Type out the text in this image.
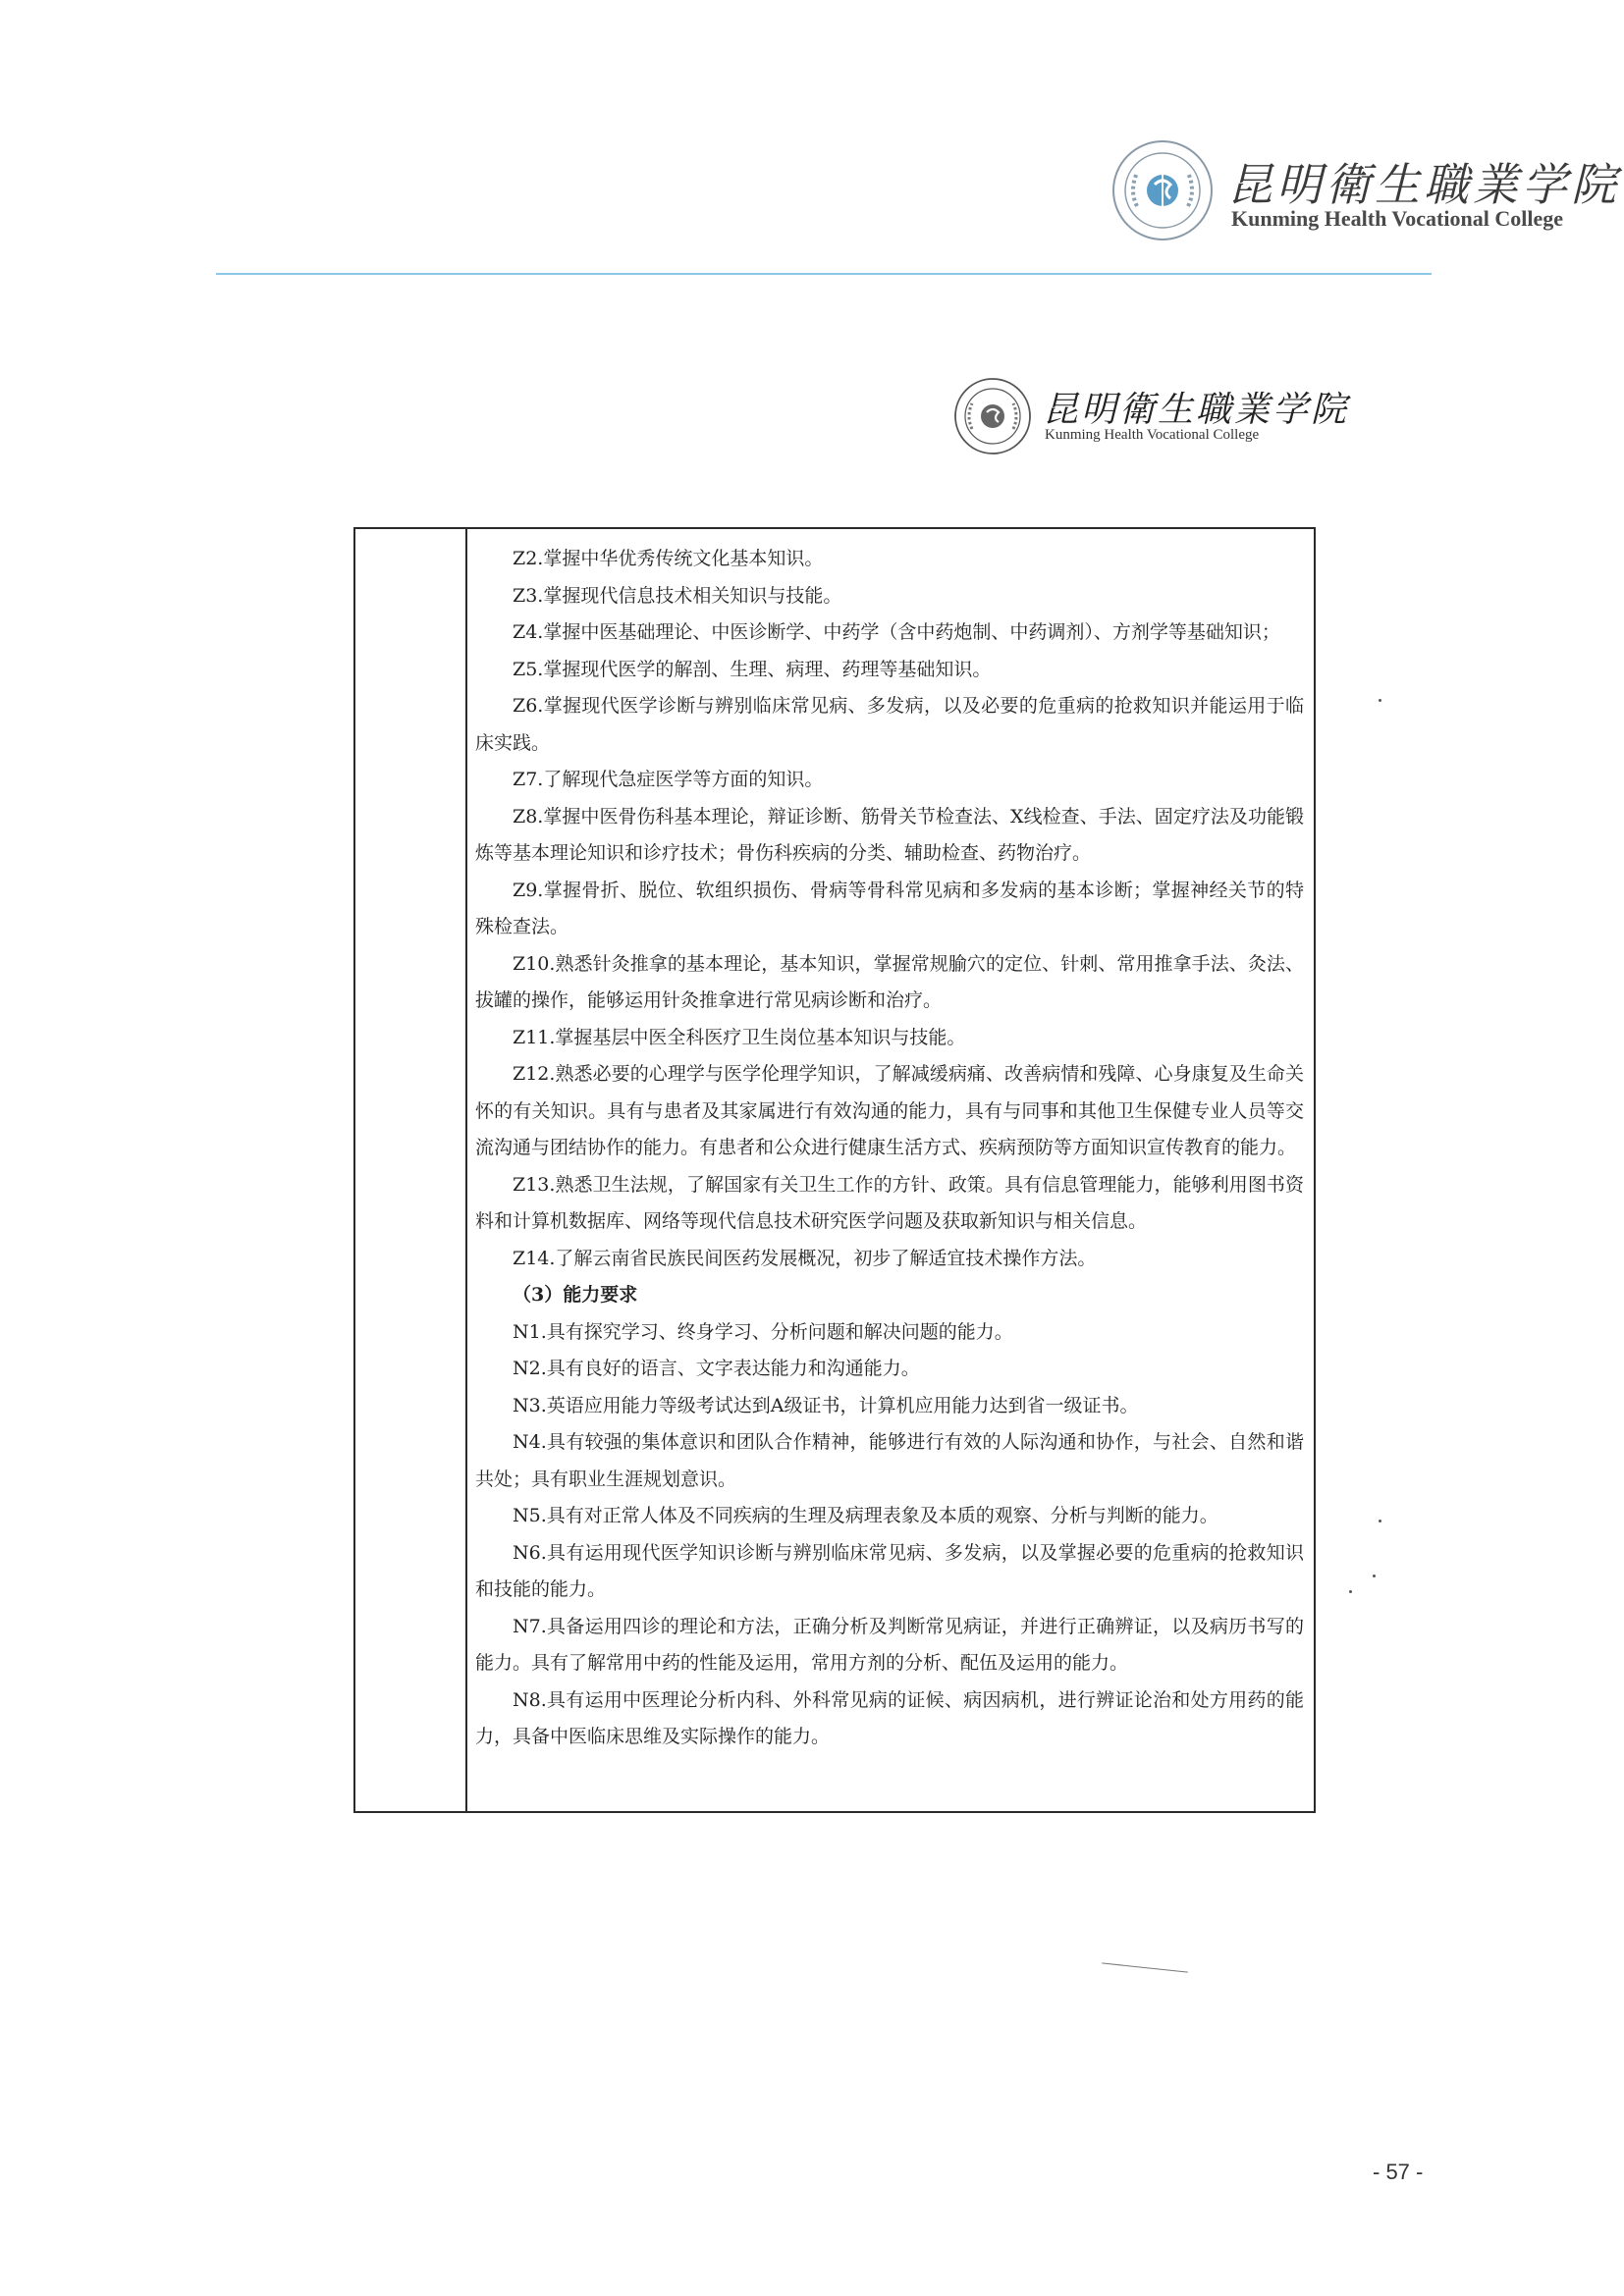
昆明衛生職業学院
Kunming Health Vocational College
昆明衛生職業学院
Kunming Health Vocational College

Z2.掌握中华优秀传统文化基本知识。

Z3.掌握现代信息技术相关知识与技能。

Z4.掌握中医基础理论、中医诊断学、中药学（含中药炮制、中药调剂）、方剂学等基础知识；

Z5.掌握现代医学的解剖、生理、病理、药理等基础知识。

Z6.掌握现代医学诊断与辨别临床常见病、多发病，以及必要的危重病的抢救知识并能运用于临床实践。

Z7.了解现代急症医学等方面的知识。

Z8.掌握中医骨伤科基本理论，辩证诊断、筋骨关节检查法、X线检查、手法、固定疗法及功能锻炼等基本理论知识和诊疗技术；骨伤科疾病的分类、辅助检查、药物治疗。

Z9.掌握骨折、脱位、软组织损伤、骨病等骨科常见病和多发病的基本诊断；掌握神经关节的特殊检查法。

Z10.熟悉针灸推拿的基本理论，基本知识，掌握常规腧穴的定位、针刺、常用推拿手法、灸法、拔罐的操作，能够运用针灸推拿进行常见病诊断和治疗。

Z11.掌握基层中医全科医疗卫生岗位基本知识与技能。

Z12.熟悉必要的心理学与医学伦理学知识，了解减缓病痛、改善病情和残障、心身康复及生命关怀的有关知识。具有与患者及其家属进行有效沟通的能力，具有与同事和其他卫生保健专业人员等交流沟通与团结协作的能力。有患者和公众进行健康生活方式、疾病预防等方面知识宣传教育的能力。

Z13.熟悉卫生法规，了解国家有关卫生工作的方针、政策。具有信息管理能力，能够利用图书资料和计算机数据库、网络等现代信息技术研究医学问题及获取新知识与相关信息。

Z14.了解云南省民族民间医药发展概况，初步了解适宜技术操作方法。

（3）能力要求

N1.具有探究学习、终身学习、分析问题和解决问题的能力。

N2.具有良好的语言、文字表达能力和沟通能力。

N3.英语应用能力等级考试达到A级证书，计算机应用能力达到省一级证书。

N4.具有较强的集体意识和团队合作精神，能够进行有效的人际沟通和协作，与社会、自然和谐共处；具有职业生涯规划意识。

N5.具有对正常人体及不同疾病的生理及病理表象及本质的观察、分析与判断的能力。

N6.具有运用现代医学知识诊断与辨别临床常见病、多发病，以及掌握必要的危重病的抢救知识和技能的能力。

N7.具备运用四诊的理论和方法，正确分析及判断常见病证，并进行正确辨证，以及病历书写的能力。具有了解常用中药的性能及运用，常用方剂的分析、配伍及运用的能力。

N8.具有运用中医理论分析内科、外科常见病的证候、病因病机，进行辨证论治和处方用药的能力，具备中医临床思维及实际操作的能力。

- 57 -
